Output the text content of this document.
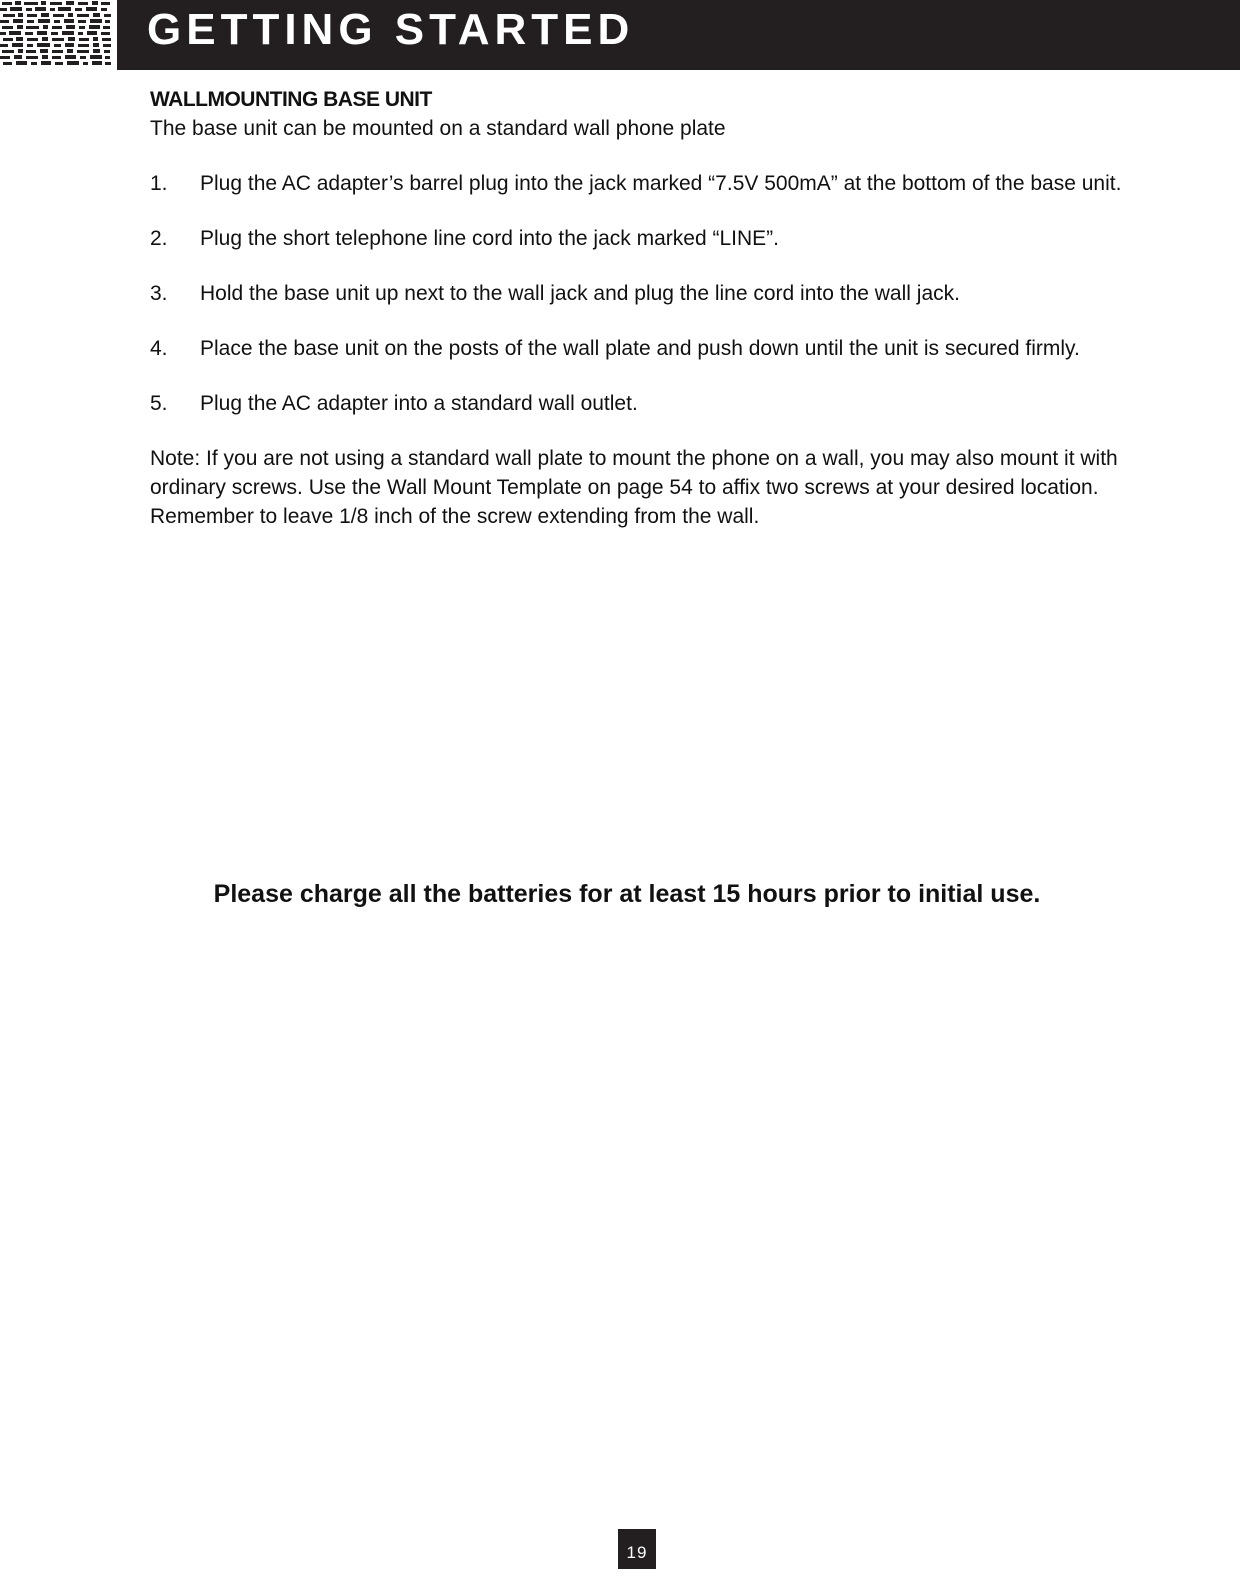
GETTING STARTED
WALLMOUNTING BASE UNIT

The base unit can be mounted on a standard wall phone plate

1. Plug the AC adapter’s barrel plug into the jack marked “7.5V 500mA” at the bottom of the base unit.
2. Plug the short telephone line cord into the jack marked “LINE”.
3. Hold the base unit up next to the wall jack and plug the line cord into the wall jack.
4. Place the base unit on the posts of the wall plate and push down until the unit is secured firmly.
5. Plug the AC adapter into a standard wall outlet.

Note: If you are not using a standard wall plate to mount the phone on a wall, you may also mount it with ordinary screws. Use the Wall Mount Template on page 54 to affix two screws at your desired location. Remember to leave 1/8 inch of the screw extending from the wall.

Please charge all the batteries for at least 15 hours prior to initial use.
19
